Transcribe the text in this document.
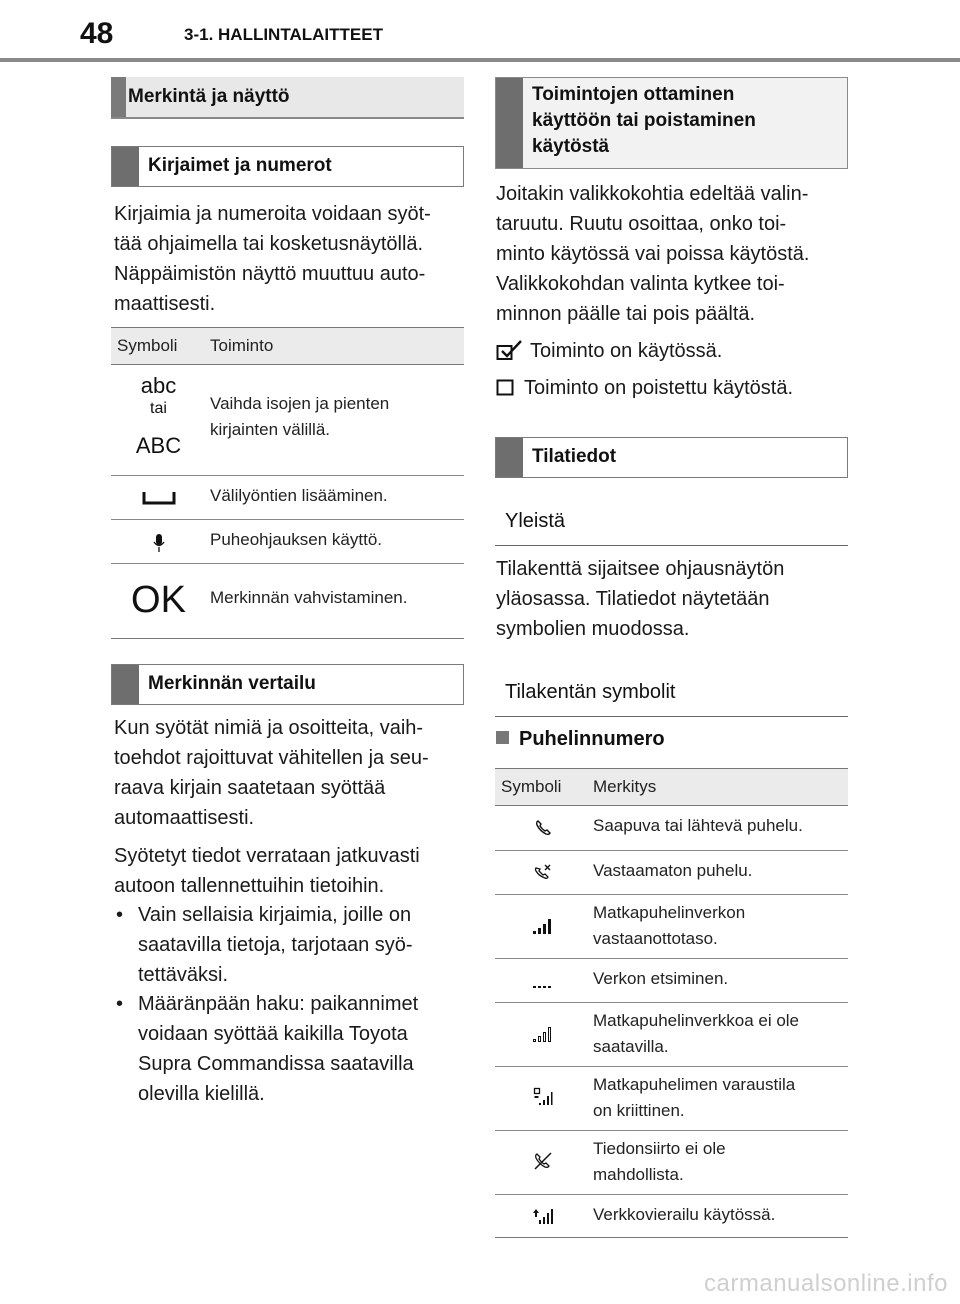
48	3-1. HALLINTALAITTEET
Merkintä ja näyttö
Kirjaimet ja numerot
Kirjaimia ja numeroita voidaan syöt-
tää ohjaimella tai kosketusnäytöllä.
Näppäimistön näyttö muuttuu auto-
maattisesti.
Symboli Toiminto
abc
tai
ABC
Vaihda isojen ja pienten
kirjainten välillä.
Välilyöntien lisääminen.
Puheohjauksen käyttö.
OK	Merkinnän vahvistaminen.
Merkinnän vertailu
Kun syötät nimiä ja osoitteita, vaih-
toehdot rajoittuvat vähitellen ja seu-
raava kirjain saatetaan syöttää
automaattisesti.
Syötetyt tiedot verrataan jatkuvasti
autoon tallennettuihin tietoihin.
• Vain sellaisia kirjaimia, joille on
saatavilla tietoja, tarjotaan syö-
tettäväksi.
• Määränpään haku: paikannimet
voidaan syöttää kaikilla Toyota
Supra Commandissa saatavilla
olevilla kielillä.
Toimintojen ottaminen
käyttöön tai poistaminen
käytöstä
Joitakin valikkokohtia edeltää valin-
taruutu. Ruutu osoittaa, onko toi-
minto käytössä vai poissa käytöstä.
Valikkokohdan valinta kytkee toi-
minnon päälle tai pois päältä.
Toiminto on käytössä.
Toiminto on poistettu käytöstä.
Tilatiedot
Yleistä
Tilakenttä sijaitsee ohjausnäytön
yläosassa. Tilatiedot näytetään
symbolien muodossa.
Tilakentän symbolit
Puhelinnumero
Symboli Merkitys
Saapuva tai lähtevä puhelu.
Vastaamaton puhelu.
Matkapuhelinverkon
vastaanottotaso.
Verkon etsiminen.
Matkapuhelinverkkoa ei ole
saatavilla.
Matkapuhelimen varaustila
on kriittinen.
Tiedonsiirto ei ole
mahdollista.
Verkkovierailu käytössä.
carmanualsonline.info
